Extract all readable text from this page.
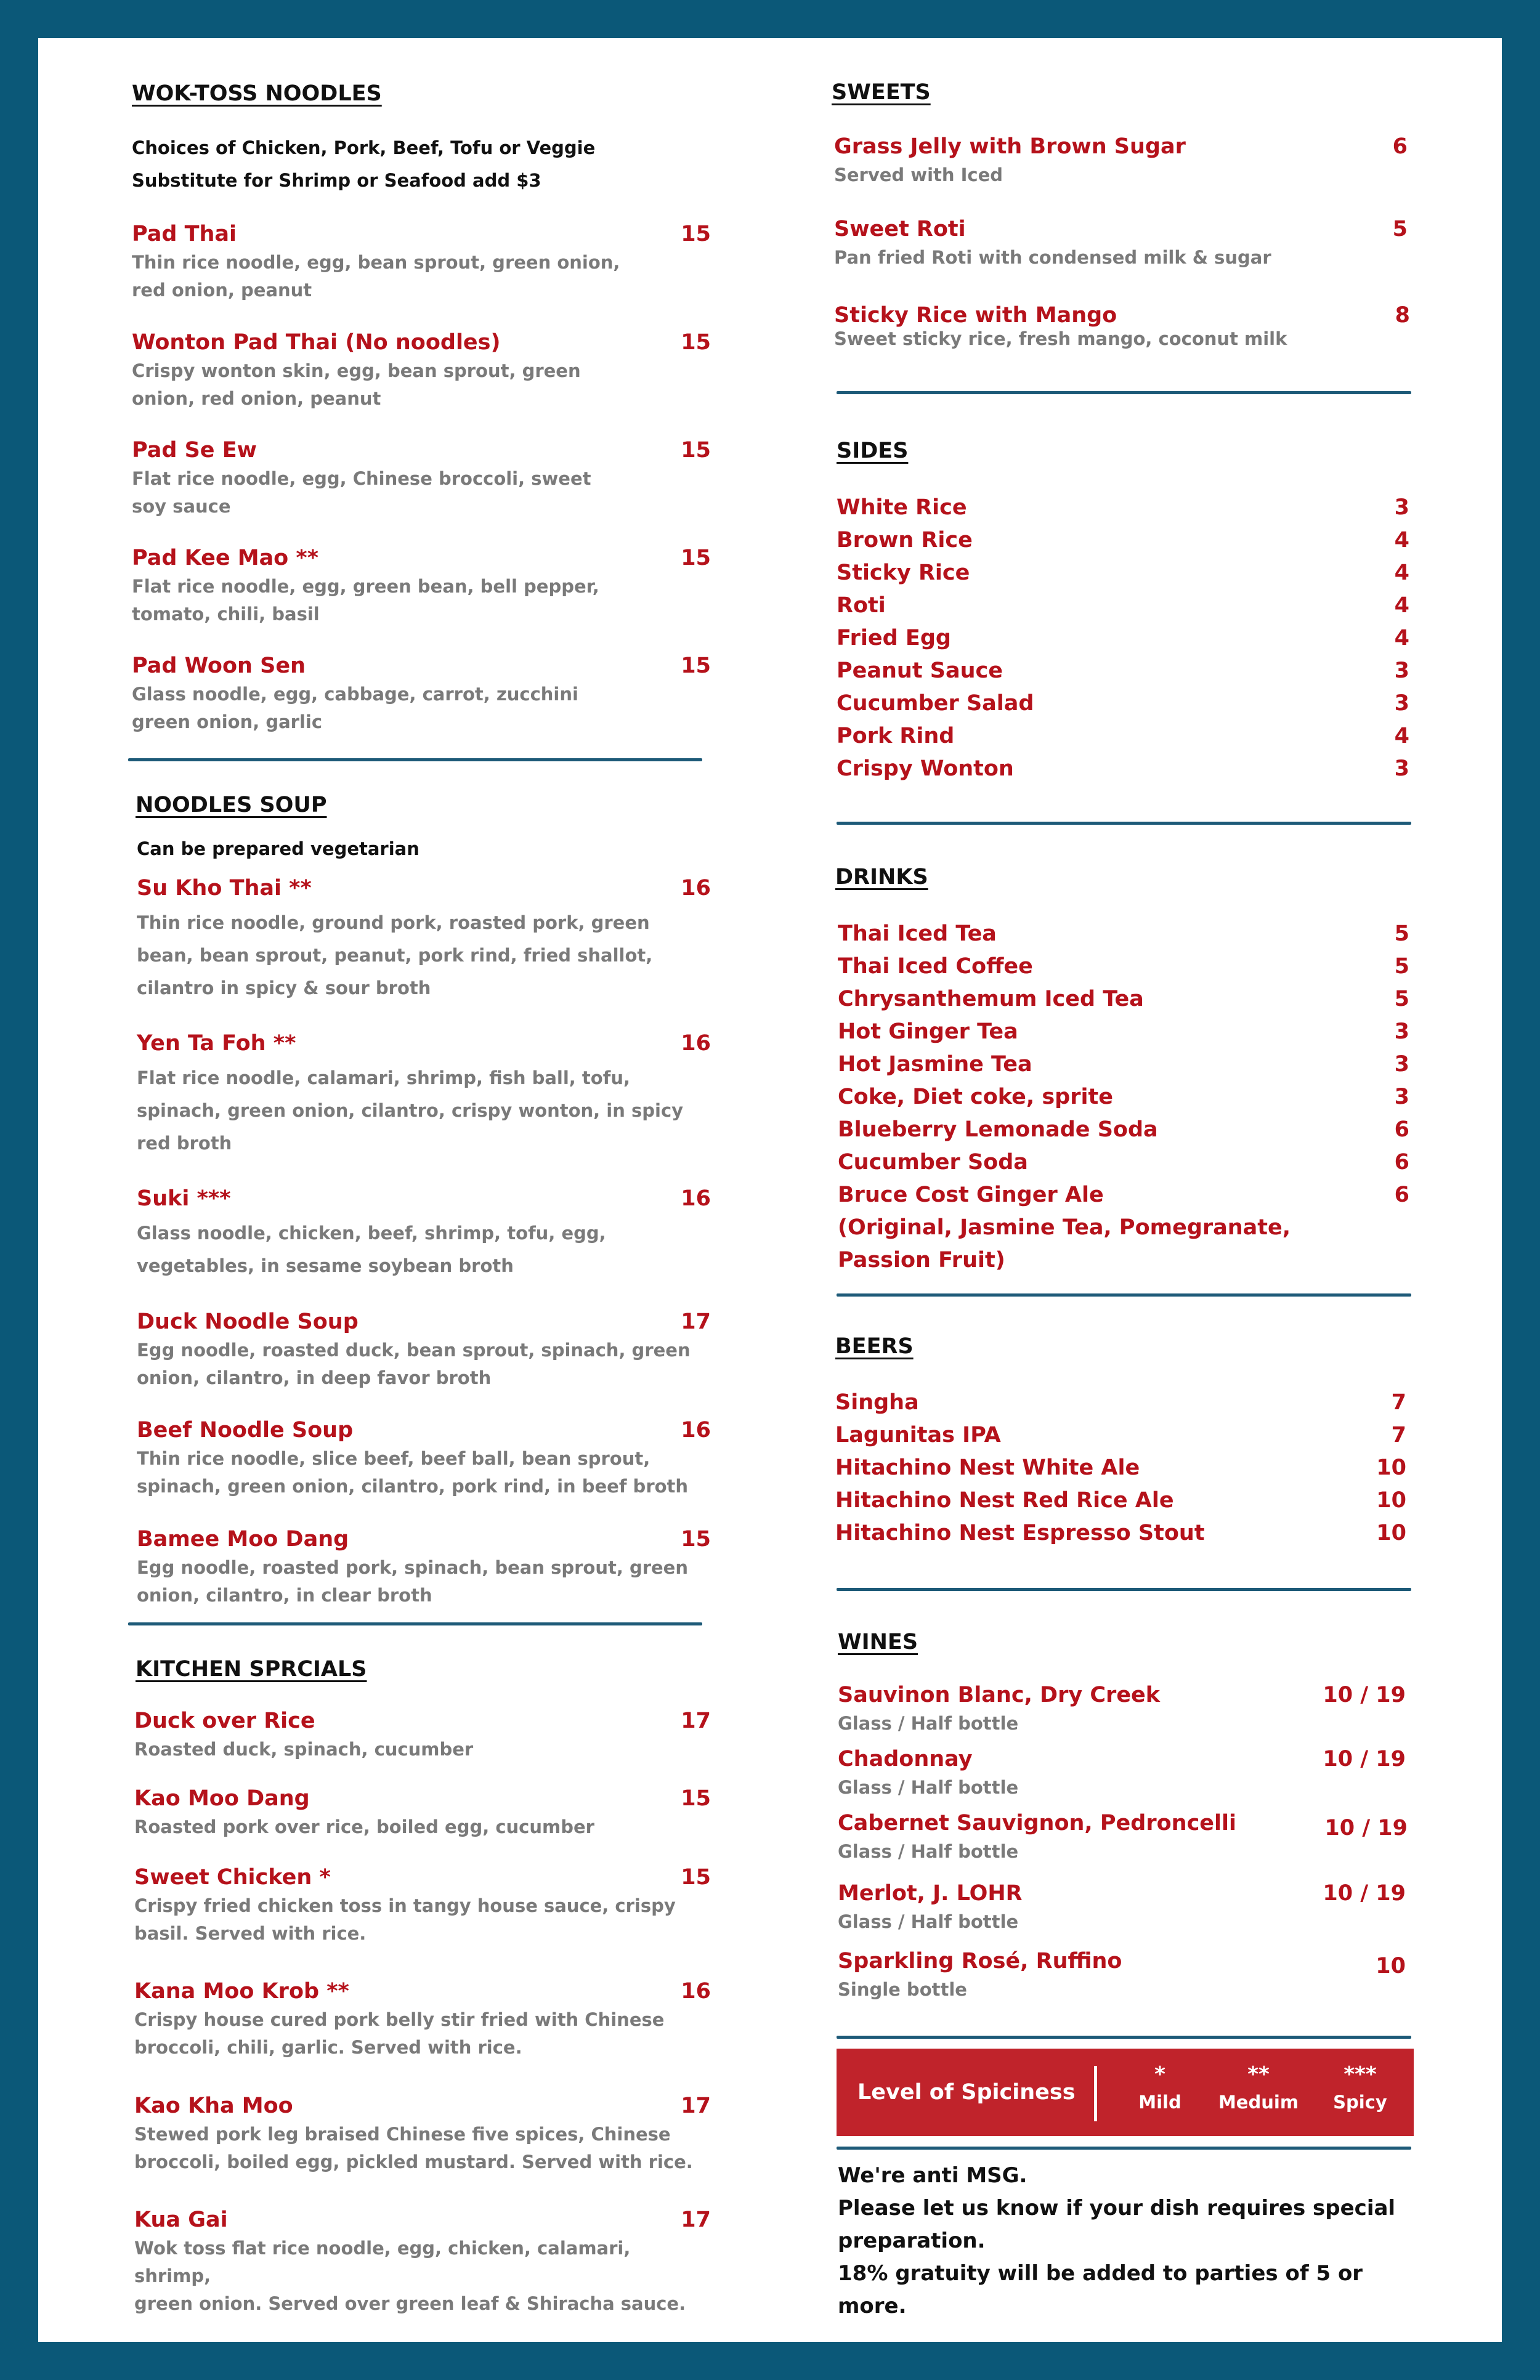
WOK-TOSS NOODLES
Choices of Chicken, Pork, Beef, Tofu or Veggie
Substitute for Shrimp or Seafood add $3
Pad Thai	15
Thin rice noodle, egg, bean sprout, green onion,
red onion, peanut
Wonton Pad Thai (No noodles)	15
Crispy wonton skin, egg, bean sprout, green
onion, red onion, peanut
Pad Se Ew	15
Flat rice noodle, egg, Chinese broccoli, sweet
soy sauce
Pad Kee Mao **	15
Flat rice noodle, egg, green bean, bell pepper,
tomato, chili, basil
Pad Woon Sen	15
Glass noodle, egg, cabbage, carrot, zucchini
green onion, garlic
NOODLES SOUP
Can be prepared vegetarian
Su Kho Thai **	16
Thin rice noodle, ground pork, roasted pork, green
bean, bean sprout, peanut, pork rind, fried shallot,
cilantro in spicy & sour broth
Yen Ta Foh **	16
Flat rice noodle, calamari, shrimp, fish ball, tofu,
spinach, green onion, cilantro, crispy wonton, in spicy
red broth
Suki ***	16
Glass noodle, chicken, beef, shrimp, tofu, egg,
vegetables, in sesame soybean broth
Duck Noodle Soup	17
Egg noodle, roasted duck, bean sprout, spinach, green
onion, cilantro, in deep favor broth
Beef Noodle Soup	16
Thin rice noodle, slice beef, beef ball, bean sprout,
spinach, green onion, cilantro, pork rind, in beef broth
Bamee Moo Dang	15
Egg noodle, roasted pork, spinach, bean sprout, green
onion, cilantro, in clear broth
KITCHEN SPRCIALS
Duck over Rice	17
Roasted duck, spinach, cucumber
Kao Moo Dang	15
Roasted pork over rice, boiled egg, cucumber
Sweet Chicken *	15
Crispy fried chicken toss in tangy house sauce, crispy
basil. Served with rice.
Kana Moo Krob **	16
Crispy house cured pork belly stir fried with Chinese
broccoli, chili, garlic. Served with rice.
Kao Kha Moo	17
Stewed pork leg braised Chinese five spices, Chinese
broccoli, boiled egg, pickled mustard. Served with rice.
Kua Gai	17
Wok toss flat rice noodle, egg, chicken, calamari, shrimp,
green onion. Served over green leaf & Shiracha sauce.
SWEETS
Grass Jelly with Brown Sugar	6
Served with Iced
Sweet Roti	5
Pan fried Roti with condensed milk & sugar
Sticky Rice with Mango	8
Sweet sticky rice, fresh mango, coconut milk
SIDES
White Rice	3
Brown Rice	4
Sticky Rice	4
Roti	4
Fried Egg	4
Peanut Sauce	3
Cucumber Salad	3
Pork Rind	4
Crispy Wonton	3
DRINKS
Thai Iced Tea	5
Thai Iced Coffee	5
Chrysanthemum Iced Tea	5
Hot Ginger Tea	3
Hot Jasmine Tea	3
Coke, Diet coke, sprite	3
Blueberry Lemonade Soda	6
Cucumber Soda	6
Bruce Cost Ginger Ale	6
(Original, Jasmine Tea, Pomegranate,
Passion Fruit)
BEERS
Singha	7
Lagunitas IPA	7
Hitachino Nest White Ale	10
Hitachino Nest Red Rice Ale	10
Hitachino Nest Espresso Stout	10
WINES
Sauvinon Blanc, Dry Creek	10 / 19
Glass / Half bottle
Chadonnay	10 / 19
Glass / Half bottle
Cabernet Sauvignon, Pedroncelli	10 / 19
Glass / Half bottle
Merlot, J. LOHR	10 / 19
Glass / Half bottle
Sparkling Rosé, Ruffino	10
Single bottle
Level of Spiciness
*
Mild
**
Meduim
***
Spicy
We're anti MSG.
Please let us know if your dish requires special
preparation.
18% gratuity will be added to parties of 5 or more.
